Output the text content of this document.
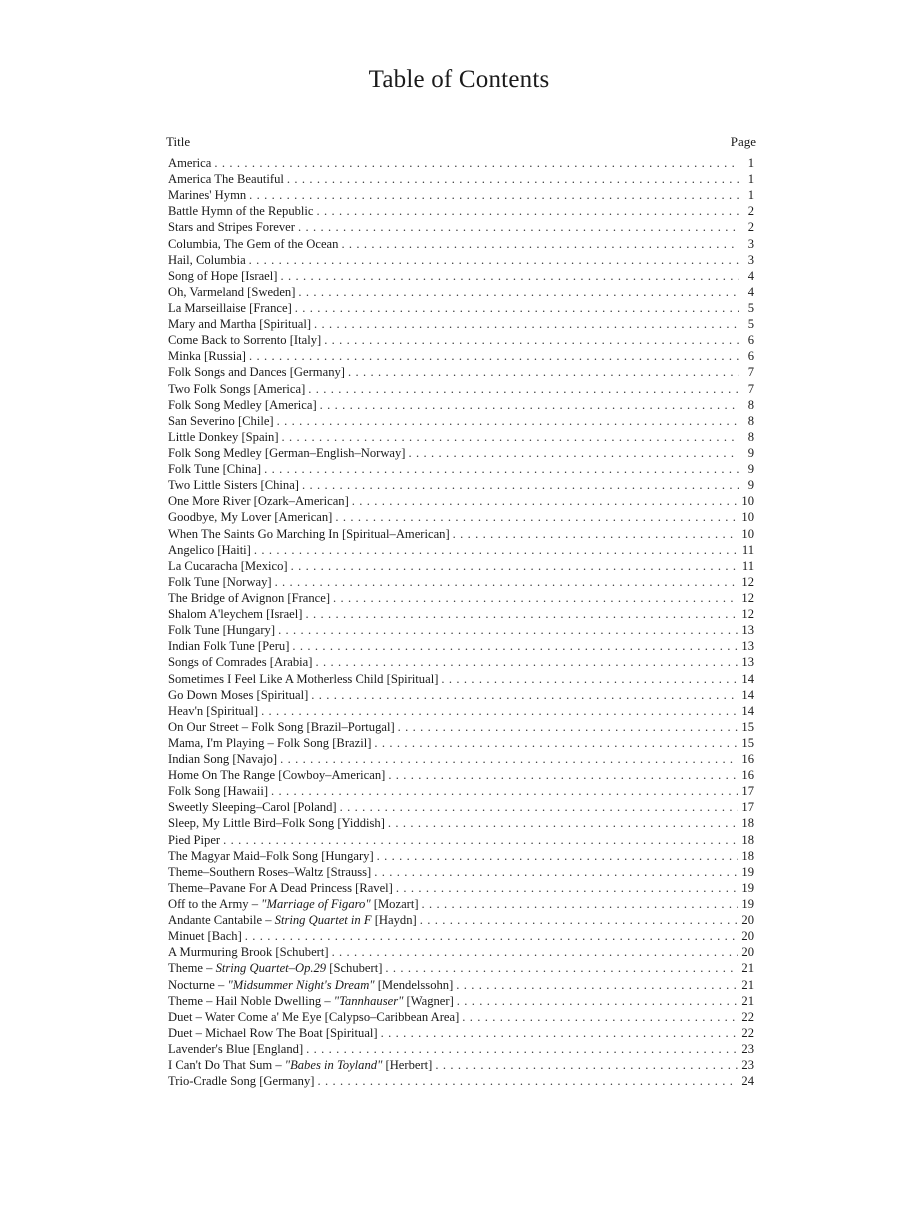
Table of Contents
Title	Page
America . . .	1
America The Beautiful . . .	1
Marines' Hymn . . .	1
Battle Hymn of the Republic . . .	2
Stars and Stripes Forever . . .	2
Columbia, The Gem of the Ocean . . .	3
Hail, Columbia . . .	3
Song of Hope [Israel] . . .	4
Oh, Varmeland [Sweden] . . .	4
La Marseillaise [France] . . .	5
Mary and Martha [Spiritual] . . .	5
Come Back to Sorrento [Italy] . . .	6
Minka [Russia] . . .	6
Folk Songs and Dances [Germany] . . .	7
Two Folk Songs [America] . . .	7
Folk Song Medley [America] . . .	8
San Severino [Chile] . . .	8
Little Donkey [Spain] . . .	8
Folk Song Medley [German–English–Norway] . . .	9
Folk Tune [China] . . .	9
Two Little Sisters [China] . . .	9
One More River [Ozark–American] . . .	10
Goodbye, My Lover [American] . . .	10
When The Saints Go Marching In [Spiritual–American] . . .	10
Angelico [Haiti] . . .	11
La Cucaracha [Mexico] . . .	11
Folk Tune [Norway] . . .	12
The Bridge of Avignon [France] . . .	12
Shalom A'leychem [Israel] . . .	12
Folk Tune [Hungary] . . .	13
Indian Folk Tune [Peru] . . .	13
Songs of Comrades [Arabia] . . .	13
Sometimes I Feel Like A Motherless Child [Spiritual] . . .	14
Go Down Moses [Spiritual] . . .	14
Heav'n [Spiritual] . . .	14
On Our Street – Folk Song [Brazil–Portugal] . . .	15
Mama, I'm Playing – Folk Song [Brazil] . . .	15
Indian Song [Navajo] . . .	16
Home On The Range [Cowboy–American] . . .	16
Folk Song [Hawaii] . . .	17
Sweetly Sleeping–Carol [Poland] . . .	17
Sleep, My Little Bird–Folk Song [Yiddish] . . .	18
Pied Piper . . .	18
The Magyar Maid–Folk Song [Hungary] . . .	18
Theme–Southern Roses–Waltz [Strauss] . . .	19
Theme–Pavane For A Dead Princess [Ravel] . . .	19
Off to the Army – "Marriage of Figaro" [Mozart] . . .	19
Andante Cantabile – String Quartet in F [Haydn] . . .	20
Minuet [Bach] . . .	20
A Murmuring Brook [Schubert] . . .	20
Theme – String Quartet–Op.29 [Schubert] . . .	21
Nocturne – "Midsummer Night's Dream" [Mendelssohn] . . .	21
Theme – Hail Noble Dwelling – "Tannhauser" [Wagner] . . .	21
Duet – Water Come a' Me Eye [Calypso–Caribbean Area] . . .	22
Duet – Michael Row The Boat [Spiritual] . . .	22
Lavender's Blue [England] . . .	23
I Can't Do That Sum – "Babes in Toyland" [Herbert] . . .	23
Trio-Cradle Song [Germany] . . .	24
